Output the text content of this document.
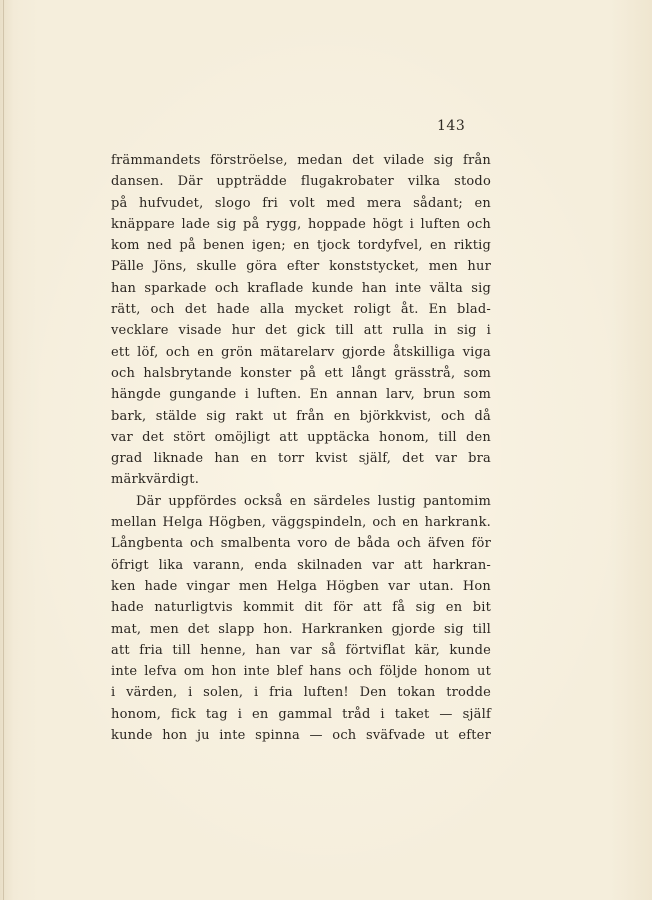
143
främmandets förströelse, medan det vilade sig från
dansen. Där uppträdde flugakrobater vilka stodo
på hufvudet, slogo fri volt med mera sådant; en
knäppare lade sig på rygg, hoppade högt i luften och
kom ned på benen igen; en tjock tordyfvel, en riktig
Pälle Jöns, skulle göra efter konststycket, men hur
han sparkade och kraflade kunde han inte välta sig
rätt, och det hade alla mycket roligt åt. En blad-
vecklare visade hur det gick till att rulla in sig i
ett löf, och en grön mätarelarv gjorde åtskilliga viga
och halsbrytande konster på ett långt grässtrå, som
hängde gungande i luften. En annan larv, brun som
bark, stälde sig rakt ut från en björkkvist, och då
var det stört omöjligt att upptäcka honom, till den
grad liknade han en torr kvist själf, det var bra
märkvärdigt.
Där uppfördes också en särdeles lustig pantomim
mellan Helga Högben, väggspindeln, och en harkrank.
Långbenta och smalbenta voro de båda och äfven för
öfrigt lika varann, enda skilnaden var att harkran-
ken hade vingar men Helga Högben var utan. Hon
hade naturligtvis kommit dit för att få sig en bit
mat, men det slapp hon. Harkranken gjorde sig till
att fria till henne, han var så förtviflat kär, kunde
inte lefva om hon inte blef hans och följde honom ut
i värden, i solen, i fria luften! Den tokan trodde
honom, fick tag i en gammal tråd i taket — själf
kunde hon ju inte spinna — och sväfvade ut efter
